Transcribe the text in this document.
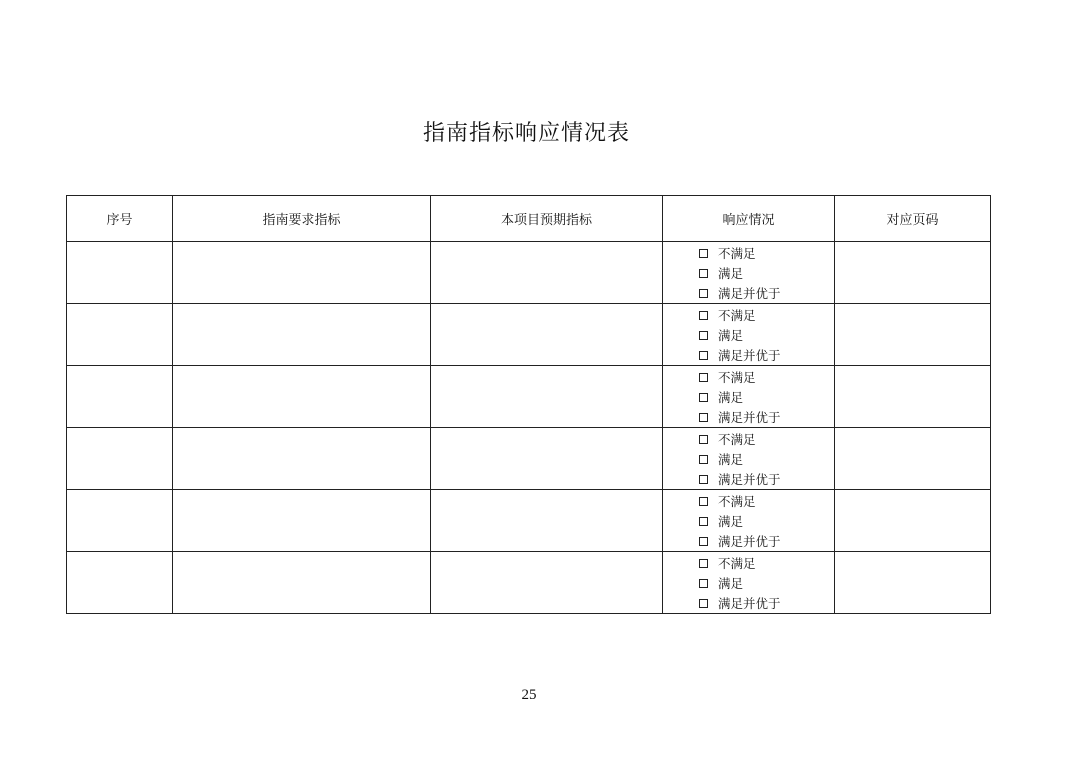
指南指标响应情况表
序号	指南要求指标	本项目预期指标	响应情况	对应页码

			不满足
满足
满足并优于	

			不满足
满足
满足并优于	

			不满足
满足
满足并优于	

			不满足
满足
满足并优于	

			不满足
满足
满足并优于	

			不满足
满足
满足并优于	

25
